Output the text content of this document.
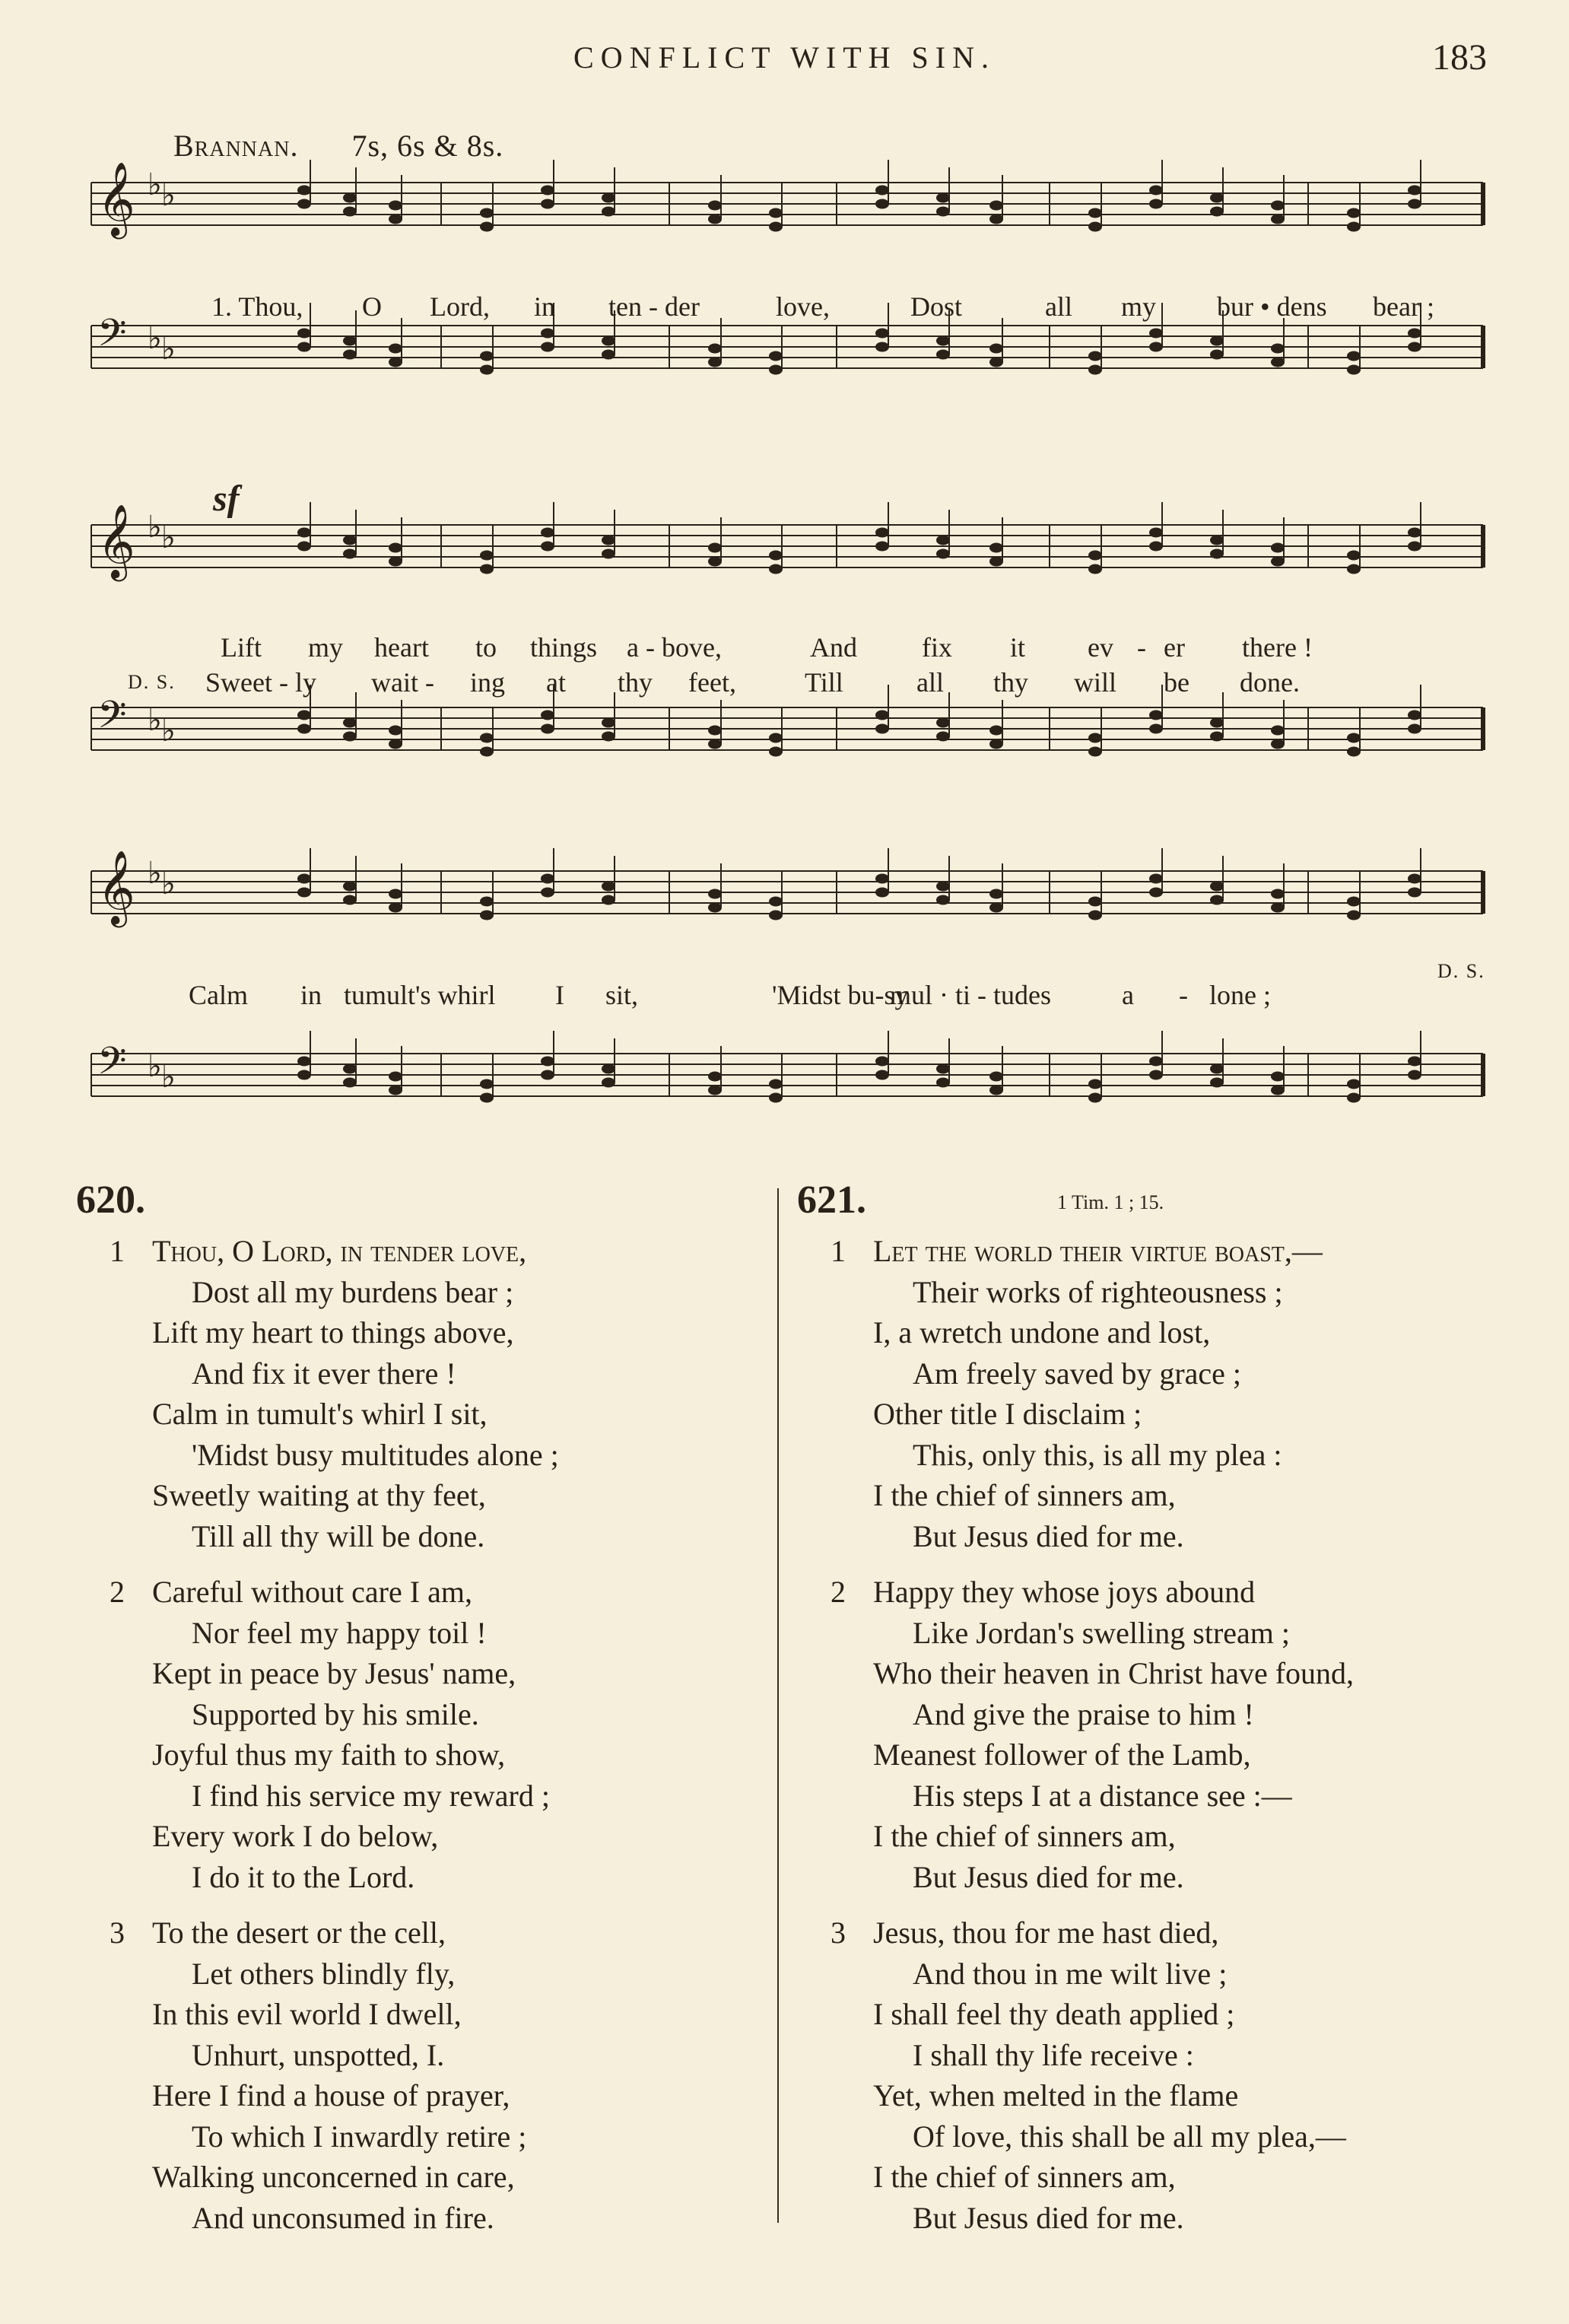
CONFLICT WITH SIN.	183
Brannan. 7s, 6s & 8s.
𝄞 ♭ ♭
𝄢 ♭ ♭
1. Thou, O Lord, in ten - der	love,	Dost	all my bur • dens bear ;
sf
𝄞 ♭ ♭
𝄢 ♭ ♭
Lift my heart to things a - bove,	And fix it ev - er there !
D. S. Sweet - ly wait - ing at thy feet,	Till	all thy will be done.
𝄞 ♭ ♭
𝄢 ♭ ♭
Calm in tumult's whirl I sit,	'Midst bu-sy
mul · ti - tudes	a - lone ;
D. S.
620.
1 Thou, O Lord, in tender love,
Dost all my burdens bear ;
Lift my heart to things above,
And fix it ever there !
Calm in tumult's whirl I sit,
'Midst busy multitudes alone ;
Sweetly waiting at thy feet,
Till all thy will be done.
2 Careful without care I am,
Nor feel my happy toil !
Kept in peace by Jesus' name,
Supported by his smile.
Joyful thus my faith to show,
I find his service my reward ;
Every work I do below,
I do it to the Lord.
3 To the desert or the cell,
Let others blindly fly,
In this evil world I dwell,
Unhurt, unspotted, I.
Here I find a house of prayer,
To which I inwardly retire ;
Walking unconcerned in care,
And unconsumed in fire.
621.	1 Tim. 1 ; 15.
1 Let the world their virtue boast,—
Their works of righteousness ;
I, a wretch undone and lost,
Am freely saved by grace ;
Other title I disclaim ;
This, only this, is all my plea :
I the chief of sinners am,
But Jesus died for me.
2 Happy they whose joys abound
Like Jordan's swelling stream ;
Who their heaven in Christ have found,
And give the praise to him !
Meanest follower of the Lamb,
His steps I at a distance see :—
I the chief of sinners am,
But Jesus died for me.
3 Jesus, thou for me hast died,
And thou in me wilt live ;
I shall feel thy death applied ;
I shall thy life receive :
Yet, when melted in the flame
Of love, this shall be all my plea,—
I the chief of sinners am,
But Jesus died for me.
